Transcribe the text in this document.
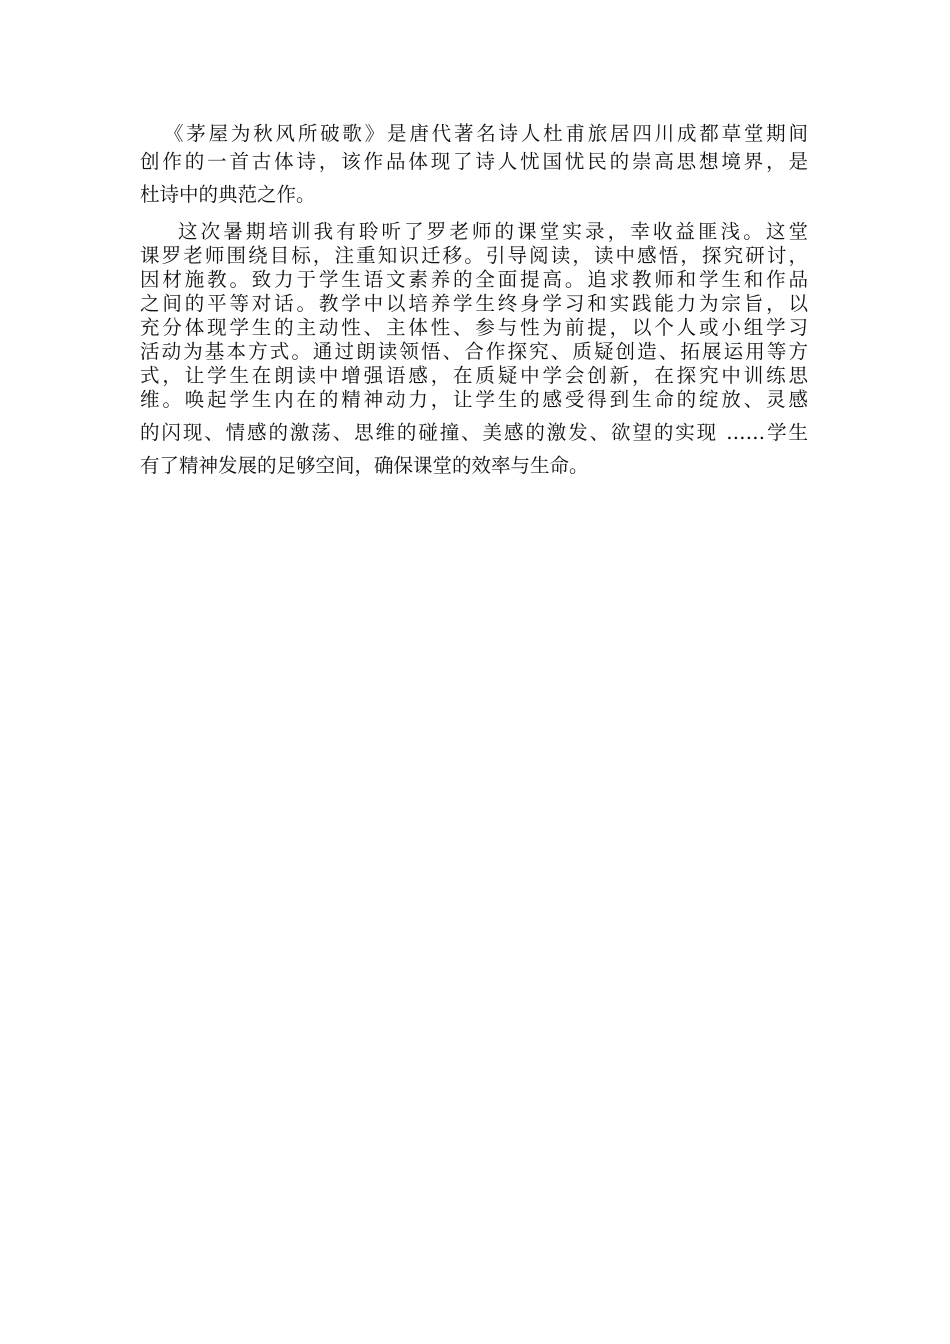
《茅屋为秋风所破歌》是唐代著名诗人杜甫旅居四川成都草堂期间
创作的一首古体诗，该作品体现了诗人忧国忧民的崇高思想境界，是
杜诗中的典范之作。
这次暑期培训我有聆听了罗老师的课堂实录，幸收益匪浅。这堂
课罗老师围绕目标，注重知识迁移。引导阅读，读中感悟，探究研讨，
因材施教。致力于学生语文素养的全面提高。追求教师和学生和作品
之间的平等对话。教学中以培养学生终身学习和实践能力为宗旨，以
充分体现学生的主动性、主体性、参与性为前提，以个人或小组学习
活动为基本方式。通过朗读领悟、合作探究、质疑创造、拓展运用等方
式，让学生在朗读中增强语感，在质疑中学会创新，在探究中训练思
维。唤起学生内在的精神动力，让学生的感受得到生命的绽放、灵感
的闪现、情感的激荡、思维的碰撞、美感的激发、欲望的实现 ……学生
有了精神发展的足够空间，确保课堂的效率与生命。
